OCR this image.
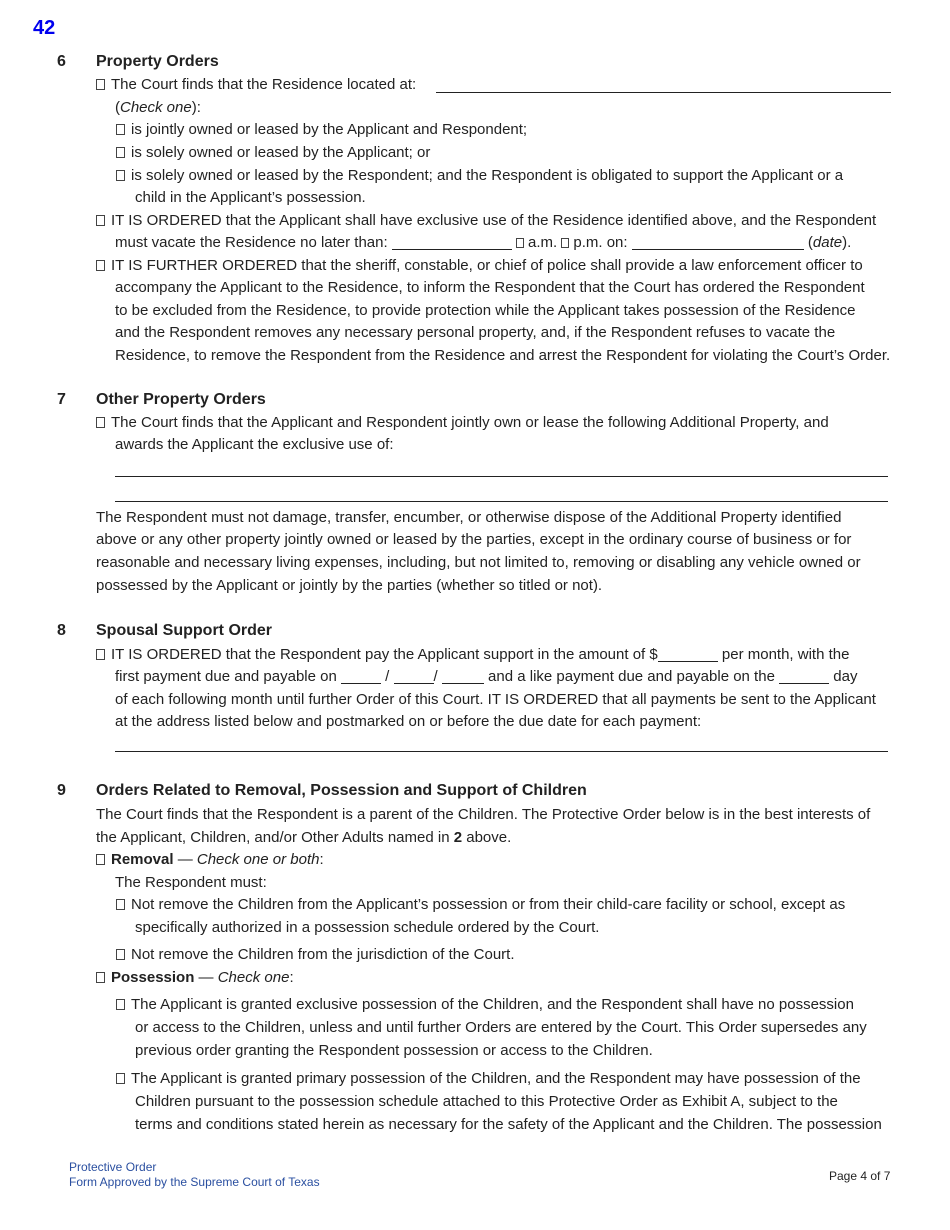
42
6 Property Orders
The Court finds that the Residence located at:
(Check one):
is jointly owned or leased by the Applicant and Respondent;
is solely owned or leased by the Applicant; or
is solely owned or leased by the Respondent; and the Respondent is obligated to support the Applicant or a
child in the Applicant’s possession.
IT IS ORDERED that the Applicant shall have exclusive use of the Residence identified above, and the Respondent
must vacate the Residence no later than:	a.m. p.m. on:	(date).
IT IS FURTHER ORDERED that the sheriff, constable, or chief of police shall provide a law enforcement officer to
accompany the Applicant to the Residence, to inform the Respondent that the Court has ordered the Respondent
to be excluded from the Residence, to provide protection while the Applicant takes possession of the Residence
and the Respondent removes any necessary personal property, and, if the Respondent refuses to vacate the
Residence, to remove the Respondent from the Residence and arrest the Respondent for violating the Court’s Order.
7 Other Property Orders
The Court finds that the Applicant and Respondent jointly own or lease the following Additional Property, and
awards the Applicant the exclusive use of:
The Respondent must not damage, transfer, encumber, or otherwise dispose of the Additional Property identified
above or any other property jointly owned or leased by the parties, except in the ordinary course of business or for
reasonable and necessary living expenses, including, but not limited to, removing or disabling any vehicle owned or
possessed by the Applicant or jointly by the parties (whether so titled or not).
8 Spousal Support Order
IT IS ORDERED that the Respondent pay the Applicant support in the amount of $	per month, with the
first payment due and payable on	/	/	and a like payment due and payable on the	day
of each following month until further Order of this Court. IT IS ORDERED that all payments be sent to the Applicant
at the address listed below and postmarked on or before the due date for each payment:
9 Orders Related to Removal, Possession and Support of Children
The Court finds that the Respondent is a parent of the Children. The Protective Order below is in the best interests of
the Applicant, Children, and/or Other Adults named in 2 above.
Removal — Check one or both:
The Respondent must:
Not remove the Children from the Applicant’s possession or from their child-care facility or school, except as
specifically authorized in a possession schedule ordered by the Court.
Not remove the Children from the jurisdiction of the Court.
Possession — Check one:
The Applicant is granted exclusive possession of the Children, and the Respondent shall have no possession
or access to the Children, unless and until further Orders are entered by the Court. This Order supersedes any
previous order granting the Respondent possession or access to the Children.
The Applicant is granted primary possession of the Children, and the Respondent may have possession of the
Children pursuant to the possession schedule attached to this Protective Order as Exhibit A, subject to the
terms and conditions stated herein as necessary for the safety of the Applicant and the Children. The possession
Protective Order
Form Approved by the Supreme Court of Texas	Page 4 of 7
